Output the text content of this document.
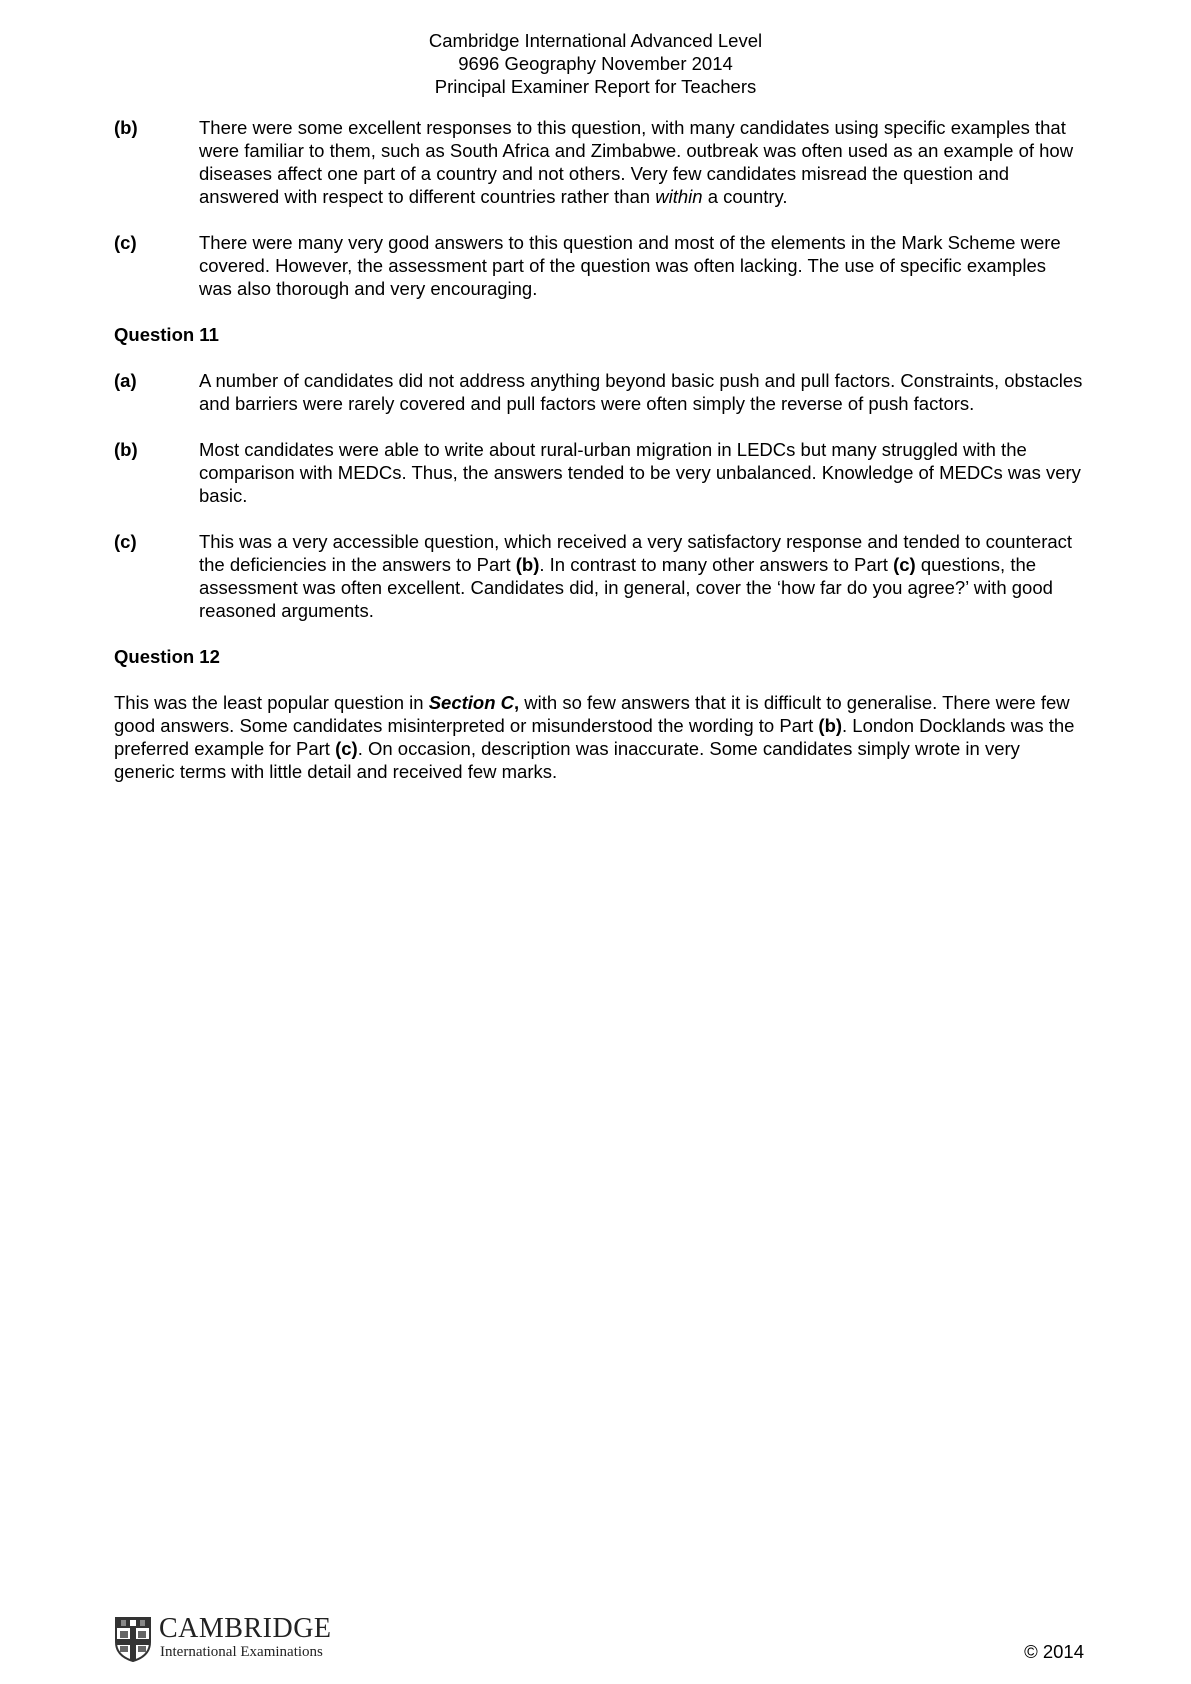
Cambridge International Advanced Level
9696 Geography November 2014
Principal Examiner Report for Teachers
(b)	There were some excellent responses to this question, with many candidates using specific examples that were familiar to them, such as South Africa and Zimbabwe. outbreak was often used as an example of how diseases affect one part of a country and not others. Very few candidates misread the question and answered with respect to different countries rather than within a country.
(c)	There were many very good answers to this question and most of the elements in the Mark Scheme were covered. However, the assessment part of the question was often lacking. The use of specific examples was also thorough and very encouraging.
Question 11
(a)	A number of candidates did not address anything beyond basic push and pull factors. Constraints, obstacles and barriers were rarely covered and pull factors were often simply the reverse of push factors.
(b)	Most candidates were able to write about rural-urban migration in LEDCs but many struggled with the comparison with MEDCs. Thus, the answers tended to be very unbalanced. Knowledge of MEDCs was very basic.
(c)	This was a very accessible question, which received a very satisfactory response and tended to counteract the deficiencies in the answers to Part (b). In contrast to many other answers to Part (c) questions, the assessment was often excellent. Candidates did, in general, cover the ‘how far do you agree?’ with good reasoned arguments.
Question 12

This was the least popular question in Section C, with so few answers that it is difficult to generalise. There were few good answers. Some candidates misinterpreted or misunderstood the wording to Part (b). London Docklands was the preferred example for Part (c). On occasion, description was inaccurate. Some candidates simply wrote in very generic terms with little detail and received few marks.

CAMBRIDGE
International Examinations	© 2014
